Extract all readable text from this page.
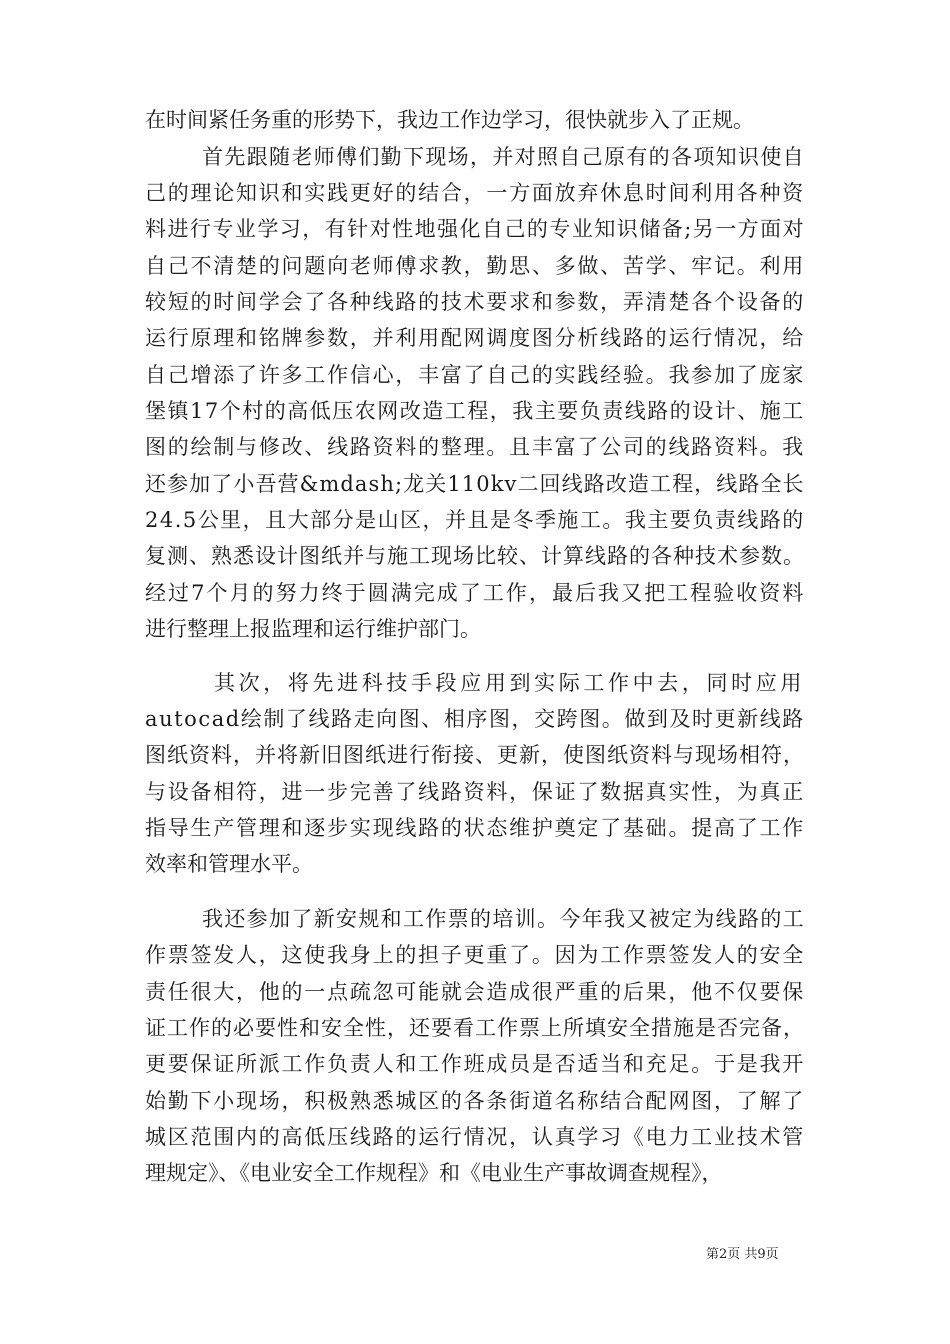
在时间紧任务重的形势下，我边工作边学习，很快就步入了正规。
首先跟随老师傅们勤下现场，并对照自己原有的各项知识使自
己的理论知识和实践更好的结合，一方面放弃休息时间利用各种资
料进行专业学习，有针对性地强化自己的专业知识储备;另一方面对
自己不清楚的问题向老师傅求教，勤思、多做、苦学、牢记。利用
较短的时间学会了各种线路的技术要求和参数，弄清楚各个设备的
运行原理和铭牌参数，并利用配网调度图分析线路的运行情况，给
自己增添了许多工作信心，丰富了自己的实践经验。我参加了庞家
堡镇17个村的高低压农网改造工程，我主要负责线路的设计、施工
图的绘制与修改、线路资料的整理。且丰富了公司的线路资料。我
还参加了小吾营&mdash;龙关110kv二回线路改造工程，线路全长
24.5公里，且大部分是山区，并且是冬季施工。我主要负责线路的
复测、熟悉设计图纸并与施工现场比较、计算线路的各种技术参数。
经过7个月的努力终于圆满完成了工作，最后我又把工程验收资料
进行整理上报监理和运行维护部门。
其次，将先进科技手段应用到实际工作中去，同时应用
autocad绘制了线路走向图、相序图，交跨图。做到及时更新线路
图纸资料，并将新旧图纸进行衔接、更新，使图纸资料与现场相符，
与设备相符，进一步完善了线路资料，保证了数据真实性，为真正
指导生产管理和逐步实现线路的状态维护奠定了基础。提高了工作
效率和管理水平。
我还参加了新安规和工作票的培训。今年我又被定为线路的工
作票签发人，这使我身上的担子更重了。因为工作票签发人的安全
责任很大，他的一点疏忽可能就会造成很严重的后果，他不仅要保
证工作的必要性和安全性，还要看工作票上所填安全措施是否完备，
更要保证所派工作负责人和工作班成员是否适当和充足。于是我开
始勤下小现场，积极熟悉城区的各条街道名称结合配网图，了解了
城区范围内的高低压线路的运行情况，认真学习《电力工业技术管
理规定》、《电业安全工作规程》和《电业生产事故调查规程》，
第2页 共9页
